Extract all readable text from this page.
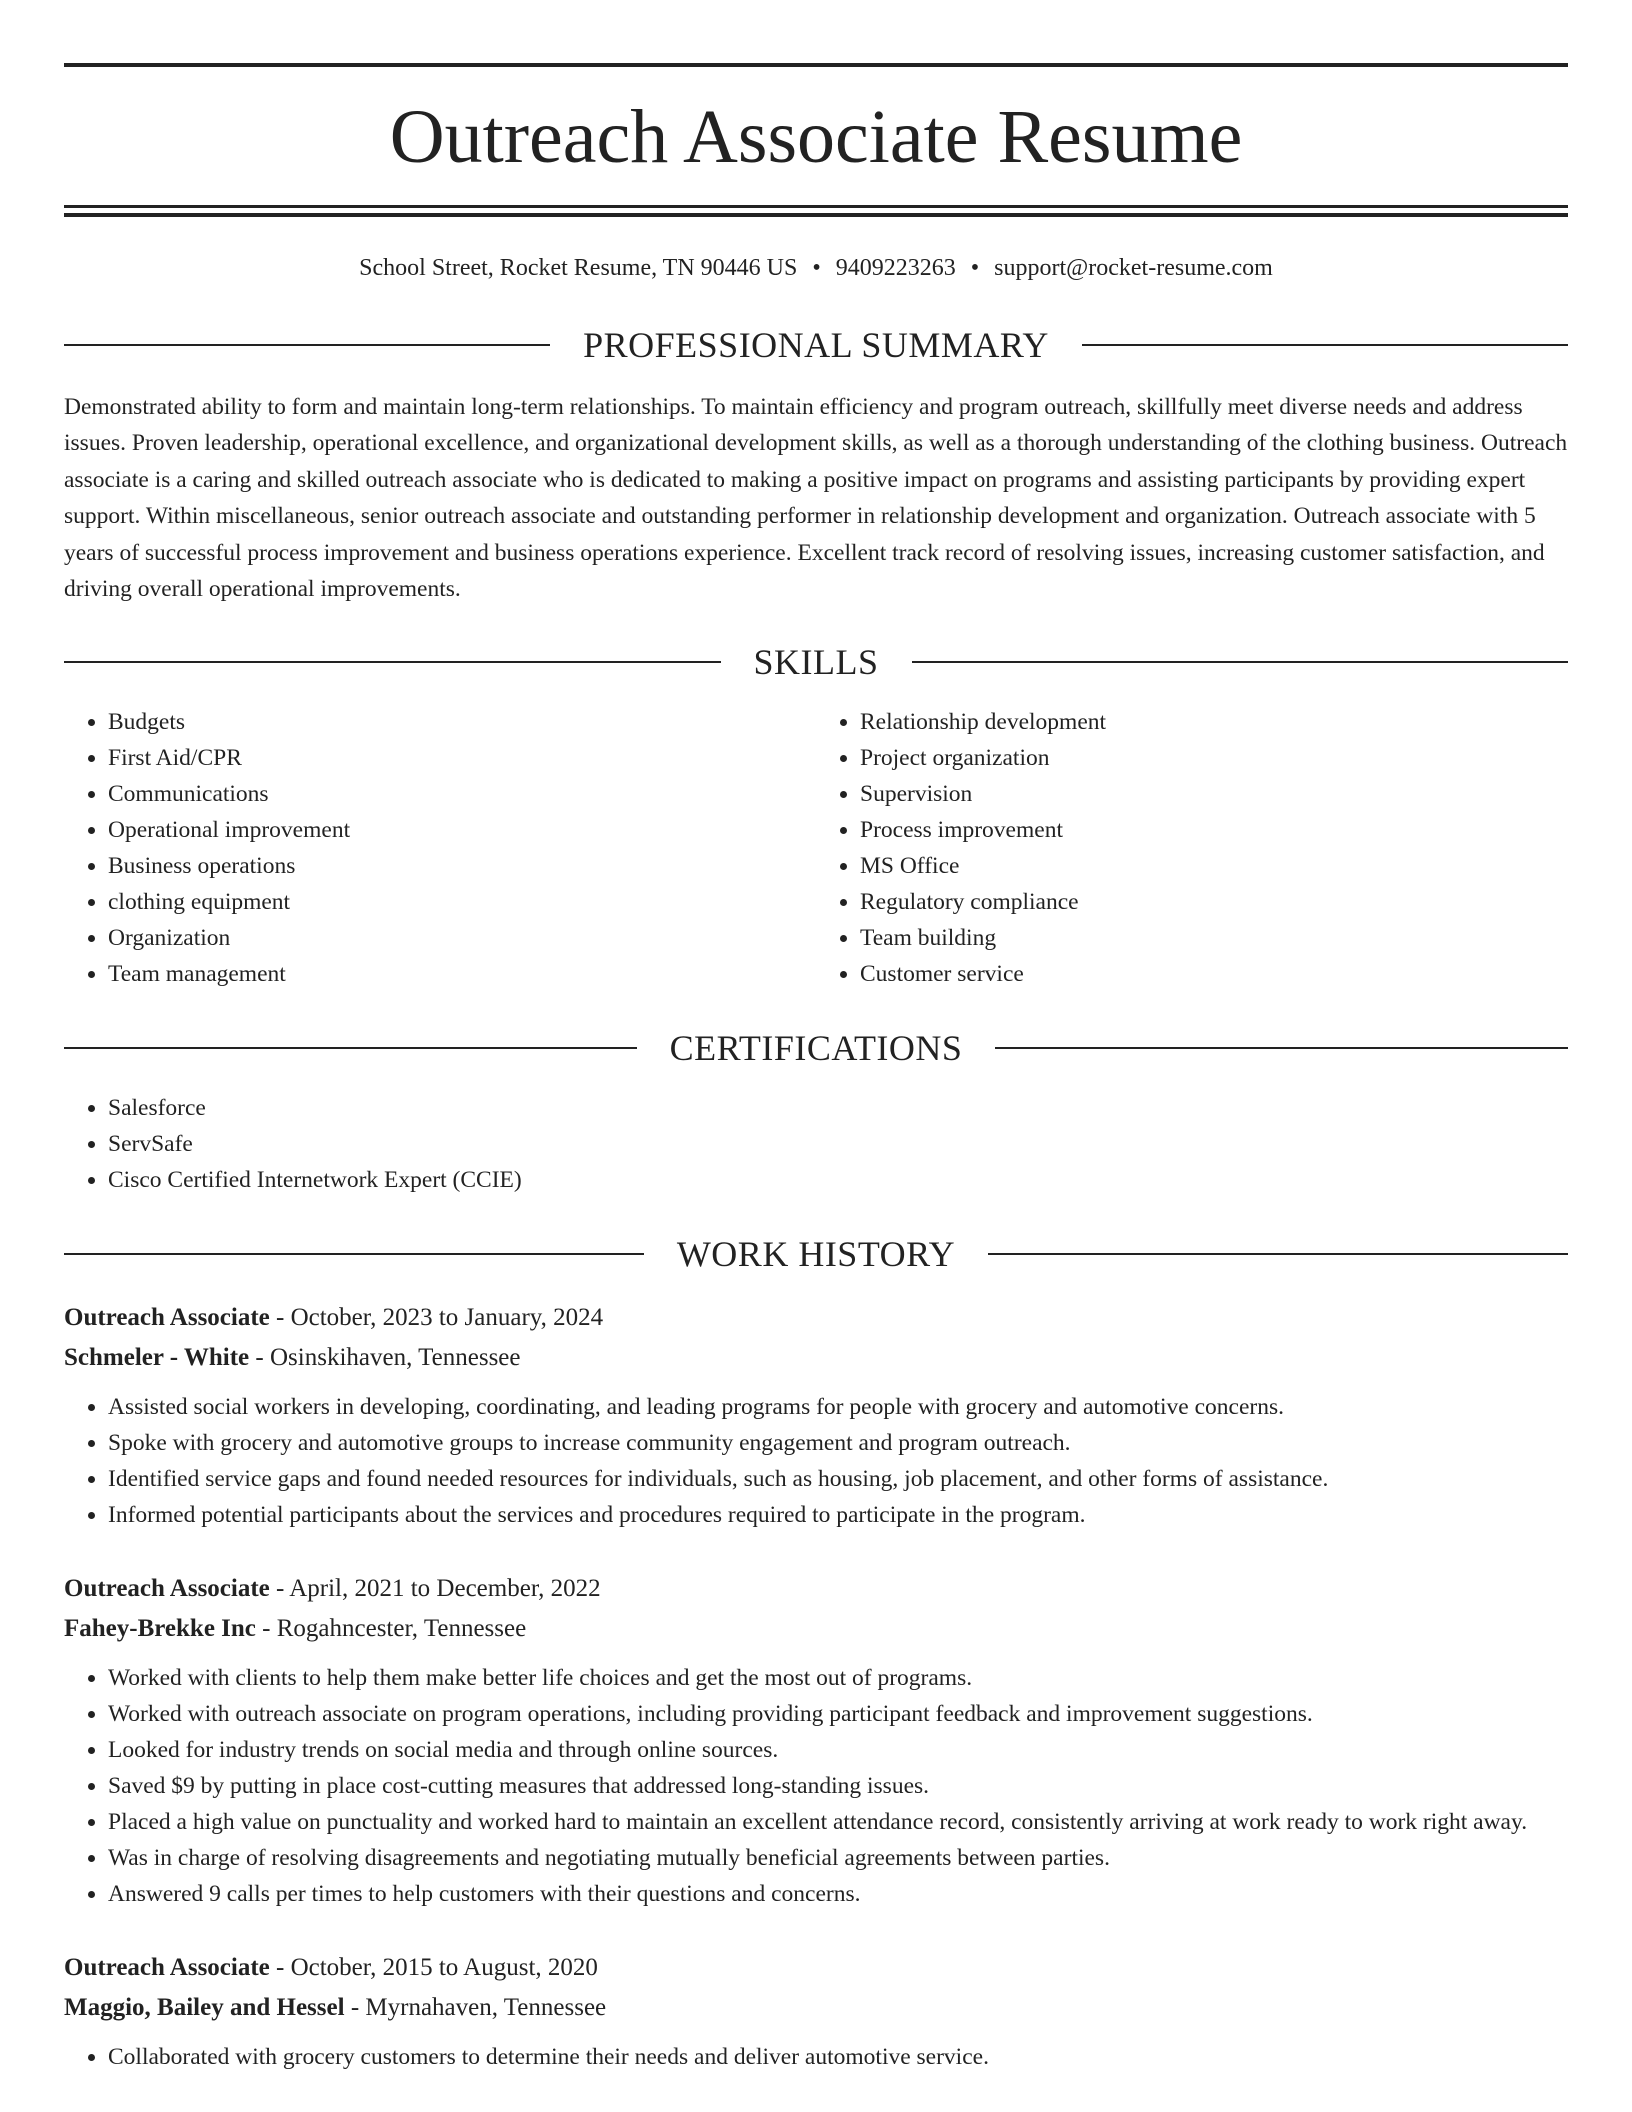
Outreach Associate Resume
School Street, Rocket Resume, TN 90446 US • 9409223263 • support@rocket-resume.com
PROFESSIONAL SUMMARY

Demonstrated ability to form and maintain long-term relationships. To maintain efficiency and program outreach, skillfully meet diverse needs and address issues. Proven leadership, operational excellence, and organizational development skills, as well as a thorough understanding of the clothing business. Outreach associate is a caring and skilled outreach associate who is dedicated to making a positive impact on programs and assisting participants by providing expert support. Within miscellaneous, senior outreach associate and outstanding performer in relationship development and organization. Outreach associate with 5 years of successful process improvement and business operations experience. Excellent track record of resolving issues, increasing customer satisfaction, and driving overall operational improvements.

SKILLS
• Budgets
• First Aid/CPR
• Communications
• Operational improvement
• Business operations
• clothing equipment
• Organization
• Team management
• Relationship development
• Project organization
• Supervision
• Process improvement
• MS Office
• Regulatory compliance
• Team building
• Customer service
CERTIFICATIONS
• Salesforce
• ServSafe
• Cisco Certified Internetwork Expert (CCIE)
WORK HISTORY
Outreach Associate - October, 2023 to January, 2024
Schmeler - White - Osinskihaven, Tennessee
• Assisted social workers in developing, coordinating, and leading programs for people with grocery and automotive concerns.
• Spoke with grocery and automotive groups to increase community engagement and program outreach.
• Identified service gaps and found needed resources for individuals, such as housing, job placement, and other forms of assistance.
• Informed potential participants about the services and procedures required to participate in the program.
Outreach Associate - April, 2021 to December, 2022
Fahey-Brekke Inc - Rogahncester, Tennessee
• Worked with clients to help them make better life choices and get the most out of programs.
• Worked with outreach associate on program operations, including providing participant feedback and improvement suggestions.
• Looked for industry trends on social media and through online sources.
• Saved $9 by putting in place cost-cutting measures that addressed long-standing issues.
• Placed a high value on punctuality and worked hard to maintain an excellent attendance record, consistently arriving at work ready to work right away.
• Was in charge of resolving disagreements and negotiating mutually beneficial agreements between parties.
• Answered 9 calls per times to help customers with their questions and concerns.
Outreach Associate - October, 2015 to August, 2020
Maggio, Bailey and Hessel - Myrnahaven, Tennessee
• Collaborated with grocery customers to determine their needs and deliver automotive service.
